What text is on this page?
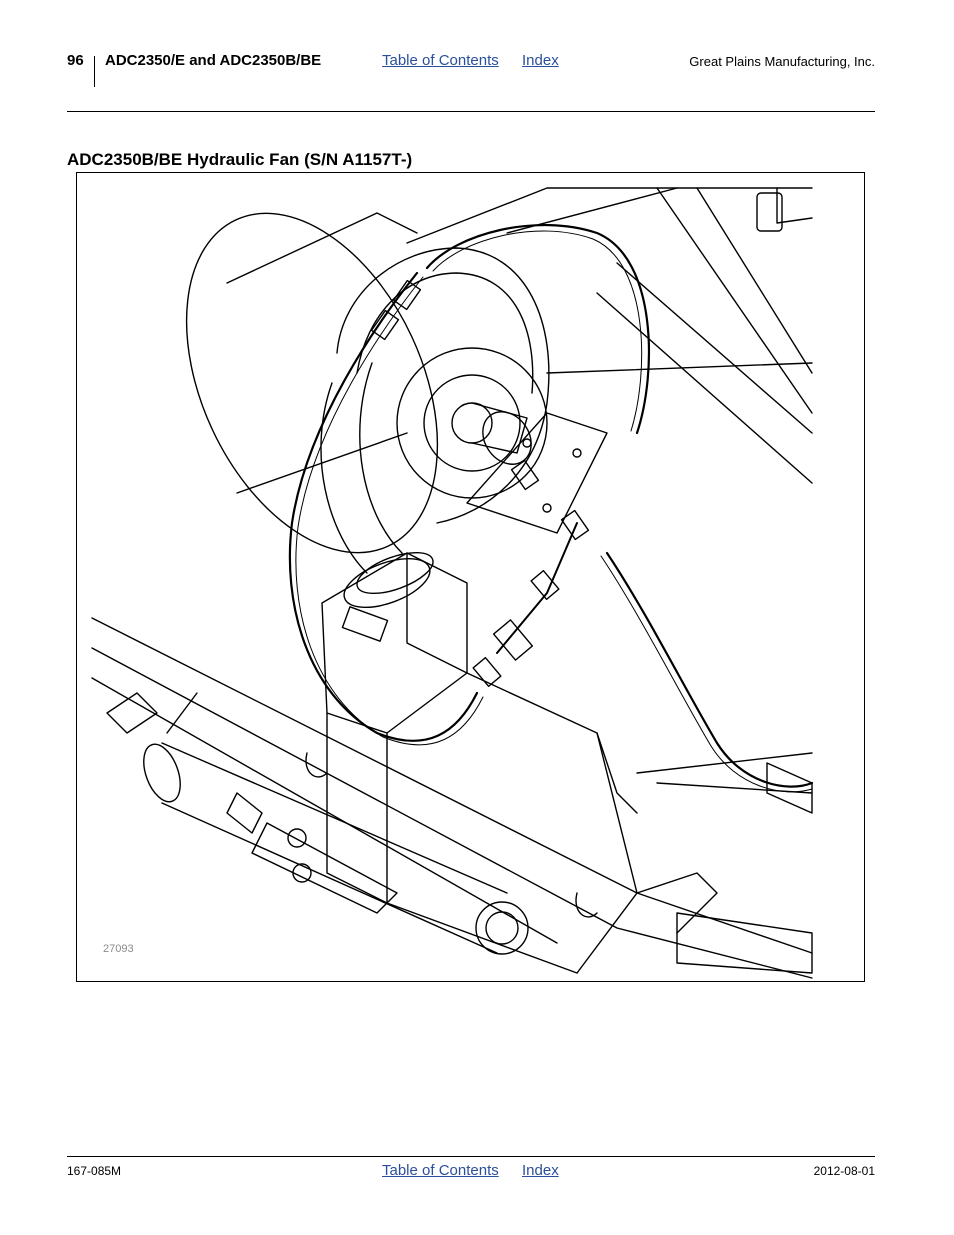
96 ADC2350/E and ADC2350B/BE	Table of Contents Index	Great Plains Manufacturing, Inc.
ADC2350B/BE Hydraulic Fan (S/N A1157T-)
27093
167-085M	Table of Contents Index	2012-08-01
